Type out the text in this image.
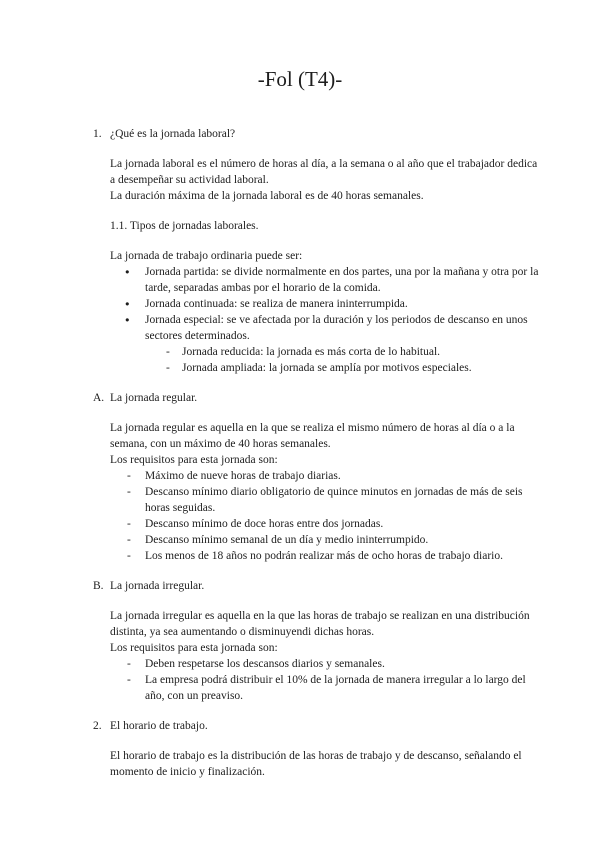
-Fol (T4)-
1. ¿Qué es la jornada laboral?
La jornada laboral es el número de horas al día, a la semana o al año que el trabajador dedica a desempeñar su actividad laboral.
La duración máxima de la jornada laboral es de 40 horas semanales.
1.1. Tipos de jornadas laborales.
La jornada de trabajo ordinaria puede ser:
●	Jornada partida: se divide normalmente en dos partes, una por la mañana y otra por la tarde, separadas ambas por el horario de la comida.
●	Jornada continuada: se realiza de manera ininterrumpida.
●	Jornada especial: se ve afectada por la duración y los periodos de descanso en unos sectores determinados.
-	Jornada reducida: la jornada es más corta de lo habitual.
-	Jornada ampliada: la jornada se amplía por motivos especiales.
A. La jornada regular.
La jornada regular es aquella en la que se realiza el mismo número de horas al día o a la semana, con un máximo de 40 horas semanales.
Los requisitos para esta jornada son:
-	Máximo de nueve horas de trabajo diarias.
-	Descanso mínimo diario obligatorio de quince minutos en jornadas de más de seis horas seguidas.
-	Descanso mínimo de doce horas entre dos jornadas.
-	Descanso mínimo semanal de un día y medio ininterrumpido.
-	Los menos de 18 años no podrán realizar más de ocho horas de trabajo diario.
B. La jornada irregular.
La jornada irregular es aquella en la que las horas de trabajo se realizan en una distribución distinta, ya sea aumentando o disminuyendi dichas horas.
Los requisitos para esta jornada son:
-	Deben respetarse los descansos diarios y semanales.
-	La empresa podrá distribuir el 10% de la jornada de manera irregular a lo largo del año, con un preaviso.
2. El horario de trabajo.
El horario de trabajo es la distribución de las horas de trabajo y de descanso, señalando el momento de inicio y finalización.
